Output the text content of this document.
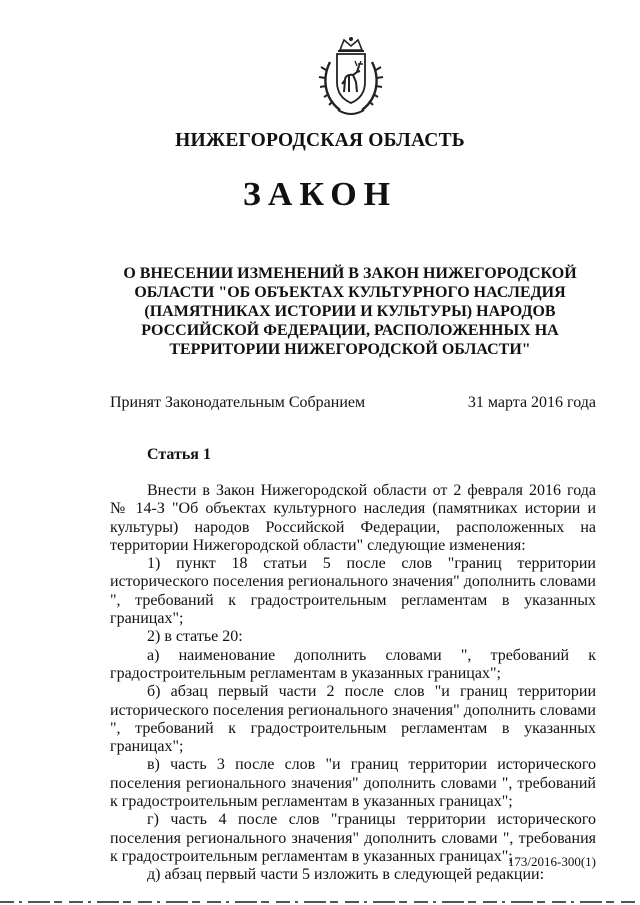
НИЖЕГОРОДСКАЯ ОБЛАСТЬ
ЗАКОН
О ВНЕСЕНИИ ИЗМЕНЕНИЙ В ЗАКОН НИЖЕГОРОДСКОЙ
ОБЛАСТИ "ОБ ОБЪЕКТАХ КУЛЬТУРНОГО НАСЛЕДИЯ
(ПАМЯТНИКАХ ИСТОРИИ И КУЛЬТУРЫ) НАРОДОВ
РОССИЙСКОЙ ФЕДЕРАЦИИ, РАСПОЛОЖЕННЫХ НА
ТЕРРИТОРИИ НИЖЕГОРОДСКОЙ ОБЛАСТИ"
Принят Законодательным Собранием	31 марта 2016 года
Статья 1

Внести в Закон Нижегородской области от 2 февраля 2016 года № 14-З "Об объектах культурного наследия (памятниках истории и культуры) народов Российской Федерации, расположенных на территории Нижегородской области" следующие изменения:

1) пункт 18 статьи 5 после слов "границ территории исторического поселения регионального значения" дополнить словами ", требований к градостроительным регламентам в указанных границах";

2) в статье 20:

а) наименование дополнить словами ", требований к градостроительным регламентам в указанных границах";

б) абзац первый части 2 после слов "и границ территории исторического поселения регионального значения" дополнить словами ", требований к градостроительным регламентам в указанных границах";

в) часть 3 после слов "и границ территории исторического поселения регионального значения" дополнить словами ", требований к градостроительным регламентам в указанных границах";

г) часть 4 после слов "границы территории исторического поселения регионального значения" дополнить словами ", требования к градостроительным регламентам в указанных границах";

д) абзац первый части 5 изложить в следующей редакции:

173/2016-300(1)
